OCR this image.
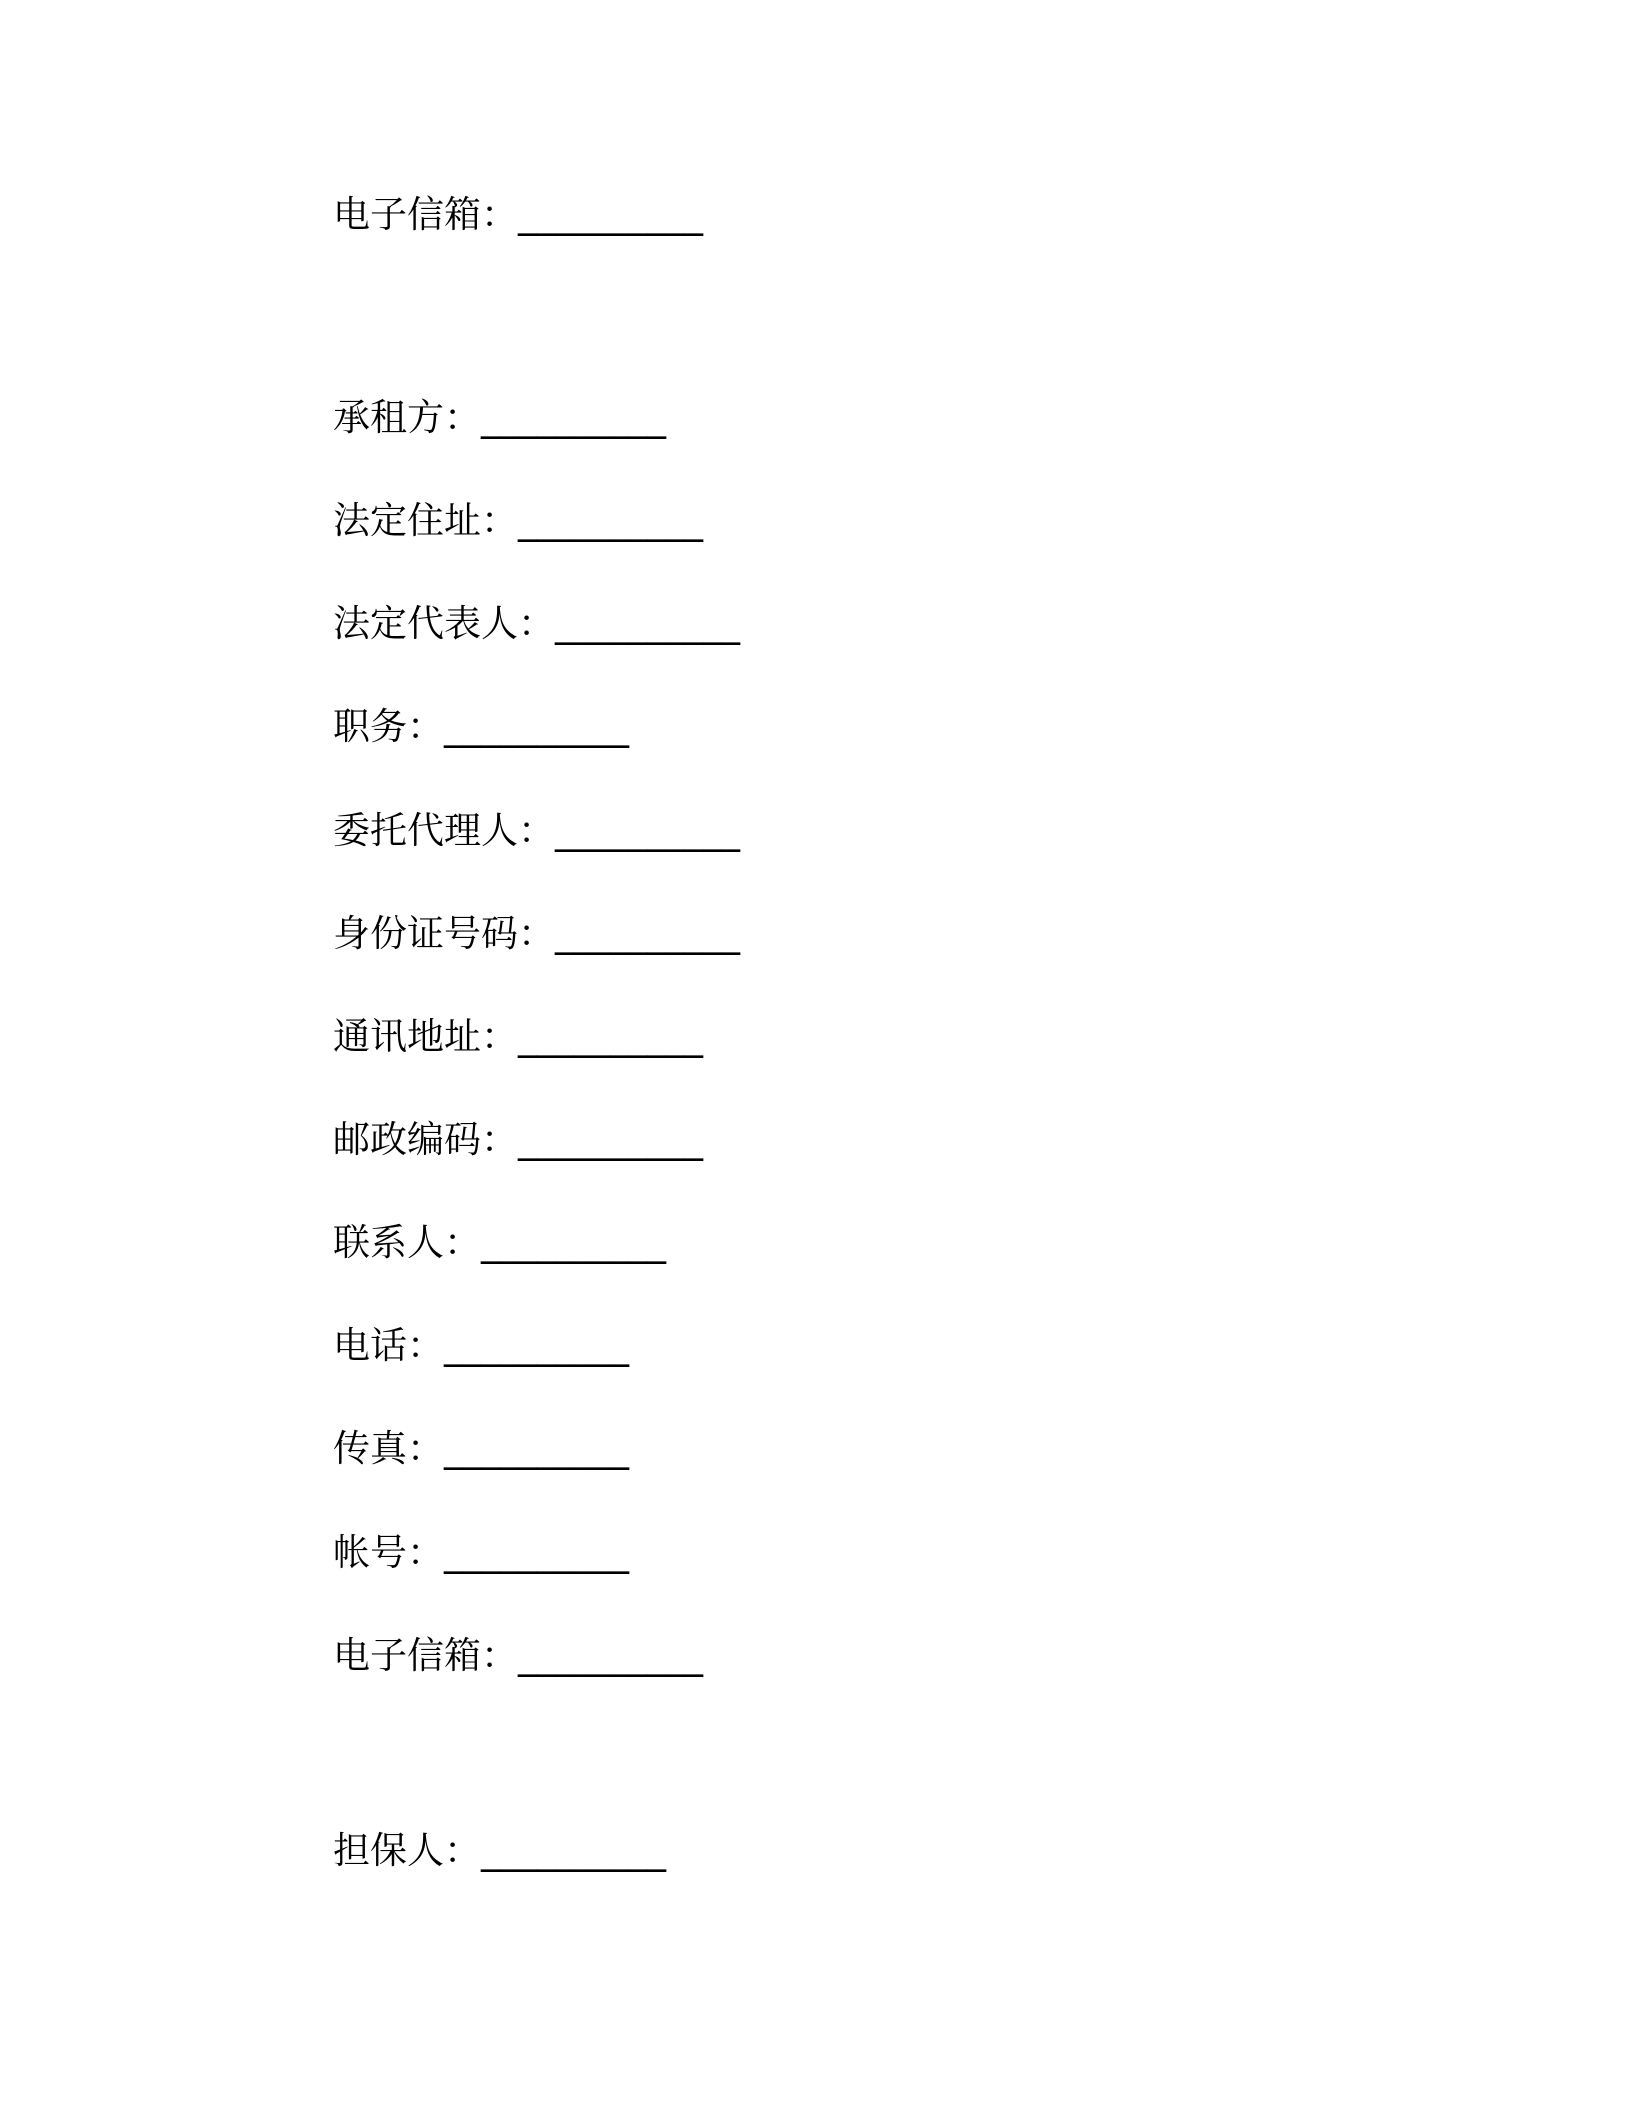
电子信箱：__________
承租方：__________
法定住址：__________
法定代表人：__________
职务：__________
委托代理人：__________
身份证号码：__________
通讯地址：__________
邮政编码：__________
联系人：__________
电话：__________
传真：__________
帐号：__________
电子信箱：__________
担保人：__________
